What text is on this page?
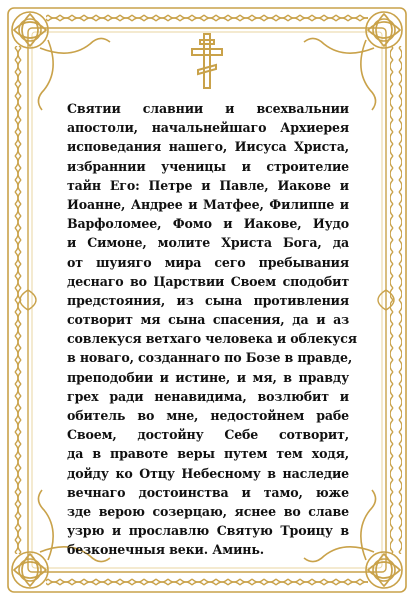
Святии славнии и всехвальнии
апостоли, начальнейшаго Архиерея
исповедания нашего, Иисуса Христа,
избраннии ученицы и строителие
тайн Его: Петре и Павле, Иакове и
Иоанне, Андрее и Матфее, Филиппе и
Варфоломее, Фомо и Иакове, Иудо
и Симоне, молите Христа Бога, да
от шуияго мира сего пребывания
деснаго во Царствии Своем сподобит
предстояния, из сына противления
сотворит мя сына спасения, да и аз
совлекуся ветхаго человека и облекуся
в новаго, созданнаго по Бозе в правде,
преподобии и истине, и мя, в правду
грех ради ненавидима, возлюбит и
обитель во мне, недостойнем рабе
Своем, достойну Себе сотворит,
да в правоте веры путем тем ходя,
дойду ко Отцу Небесному в наследие
вечнаго достоинства и тамо, юже
зде верою созерцаю, яснее во славе
узрю и прославлю Святую Троицу в
безконечныя веки. Аминь.
